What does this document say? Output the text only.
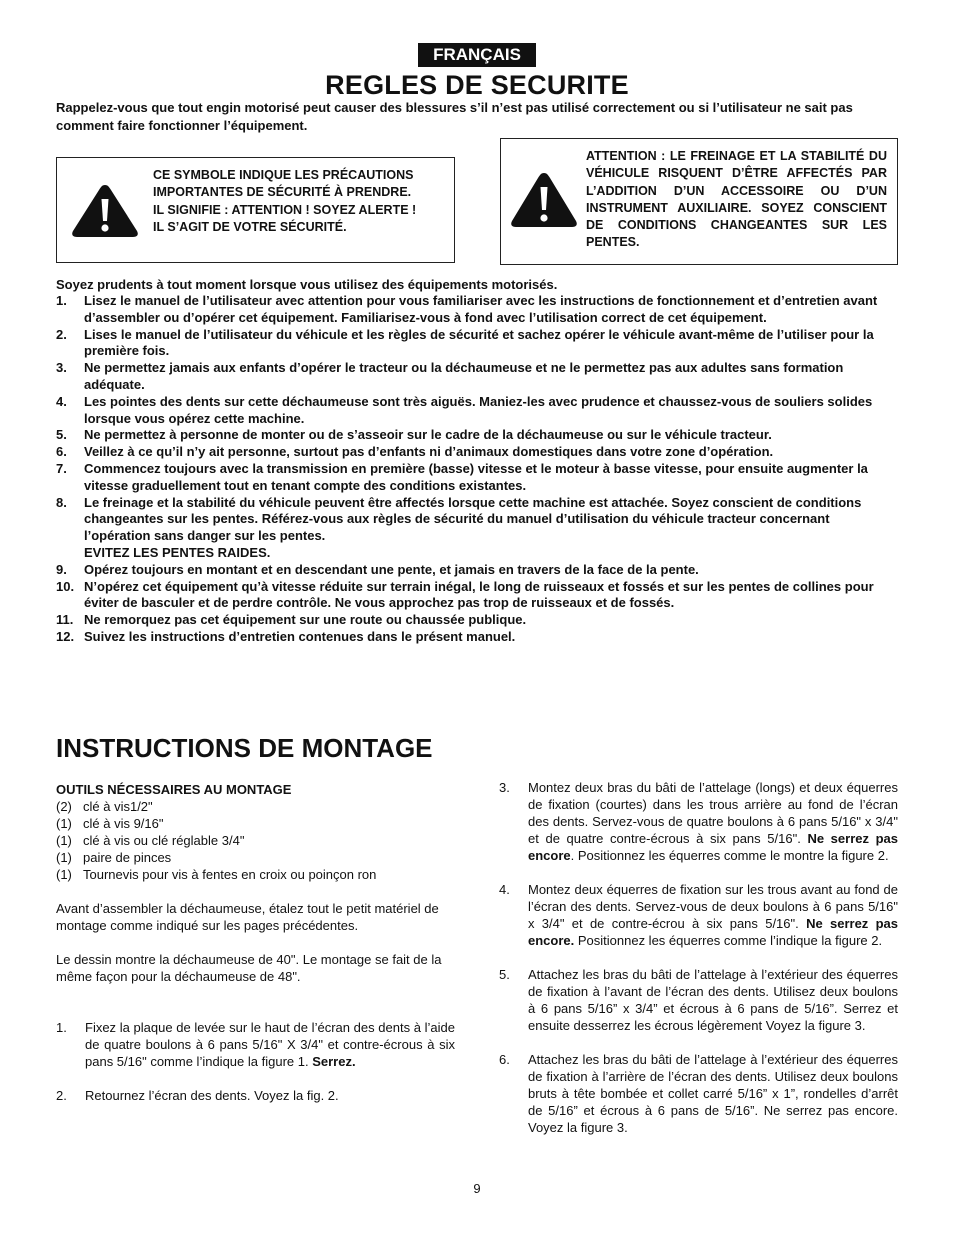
FRANÇAIS
REGLES DE SECURITE

Rappelez-vous que tout engin motorisé peut causer des blessures s’il n’est pas utilisé correctement ou si l’utilisateur ne sait pas comment faire fonctionner l’équipement.

CE SYMBOLE INDIQUE LES PRÉCAUTIONS
IMPORTANTES DE SÉCURITÉ À PRENDRE.
IL SIGNIFIE : ATTENTION ! SOYEZ ALERTE !
IL S’AGIT DE VOTRE SÉCURITÉ.

ATTENTION : LE FREINAGE ET LA STABILITÉ DU VÉHICULE RISQUENT D’ÊTRE AFFECTÉS PAR L’ADDITION D’UN ACCESSOIRE OU D’UN INSTRUMENT AUXILIAIRE. SOYEZ CONSCIENT DE CONDITIONS CHANGEANTES SUR LES PENTES.

Soyez prudents à tout moment lorsque vous utilisez des équipements motorisés.

1. Lisez le manuel de l’utilisateur avec attention pour vous familiariser avec les instructions de fonctionnement et d’entretien avant d’assembler ou d’opérer cet équipement. Familiarisez-vous à fond avec l’utilisation correct de cet équipement.
2. Lises le manuel de l’utilisateur du véhicule et les règles de sécurité et sachez opérer le véhicule avant-même de l’utiliser pour la première fois.
3. Ne permettez jamais aux enfants d’opérer le tracteur ou la déchaumeuse et ne le permettez pas aux adultes sans formation adéquate.
4. Les pointes des dents sur cette déchaumeuse sont très aiguës. Maniez-les avec prudence et chaussez-vous de souliers solides lorsque vous opérez cette machine.
5. Ne permettez à personne de monter ou de s’asseoir sur le cadre de la déchaumeuse ou sur le véhicule tracteur.
6. Veillez à ce qu’il n’y ait personne, surtout pas d’enfants ni d’animaux domestiques dans votre zone d’opération.
7. Commencez toujours avec la transmission en première (basse) vitesse et le moteur à basse vitesse, pour ensuite augmenter la vitesse graduellement tout en tenant compte des conditions existantes.
8. Le freinage et la stabilité du véhicule peuvent être affectés lorsque cette machine est attachée. Soyez conscient de conditions changeantes sur les pentes. Référez-vous aux règles de sécurité du manuel d’utilisation du véhicule tracteur concernant l’opération sans danger sur les pentes.
EVITEZ LES PENTES RAIDES.
9. Opérez toujours en montant et en descendant une pente, et jamais en travers de la face de la pente.
10. N’opérez cet équipement qu’à vitesse réduite sur terrain inégal, le long de ruisseaux et fossés et sur les pentes de collines pour éviter de basculer et de perdre contrôle. Ne vous approchez pas trop de ruisseaux et de fossés.
11. Ne remorquez pas cet équipement sur une route ou chaussée publique.
12. Suivez les instructions d’entretien contenues dans le présent manuel.
INSTRUCTIONS DE MONTAGE

OUTILS NÉCESSAIRES AU MONTAGE

(2) clé à vis1/2"
(1) clé à vis 9/16"
(1) clé à vis ou clé réglable 3/4"
(1) paire de pinces
(1) Tournevis pour vis à fentes en croix ou poinçon ron

Avant d’assembler la déchaumeuse, étalez tout le petit matériel de montage comme indiqué sur les pages précédentes.

Le dessin montre la déchaumeuse de 40". Le montage se fait de la même façon pour la déchaumeuse de 48".

1. Fixez la plaque de levée sur le haut de l’écran des dents à l’aide de quatre boulons à 6 pans 5/16" X 3/4" et contre-écrous à six pans 5/16" comme l’indique la figure 1. Serrez.

2. Retournez l’écran des dents. Voyez la fig. 2.

3. Montez deux bras du bâti de l’attelage (longs) et deux équerres de fixation (courtes) dans les trous arrière au fond de l’écran des dents. Servez-vous de quatre boulons à 6 pans 5/16" x 3/4" et de quatre contre-écrous à six pans 5/16". Ne serrez pas encore. Positionnez les équerres comme le montre la figure 2.

4. Montez deux équerres de fixation sur les trous avant au fond de l’écran des dents. Servez-vous de deux boulons à 6 pans 5/16" x 3/4" et de contre-écrou à six pans 5/16". Ne serrez pas encore. Positionnez les équerres comme l’indique la figure 2.

5. Attachez les bras du bâti de l’attelage à l’extérieur des équerres de fixation à l’avant de l’écran des dents. Utilisez deux boulons à 6 pans 5/16” x 3/4” et écrous à 6 pans de 5/16”. Serrez et ensuite desserrez les écrous légèrement Voyez la figure 3.

6. Attachez les bras du bâti de l’attelage à l’extérieur des équerres de fixation à l’arrière de l’écran des dents. Utilisez deux boulons bruts à tête bombée et collet carré 5/16” x 1”, rondelles d’arrêt de 5/16” et écrous à 6 pans de 5/16”. Ne serrez pas encore. Voyez la figure 3.

9
